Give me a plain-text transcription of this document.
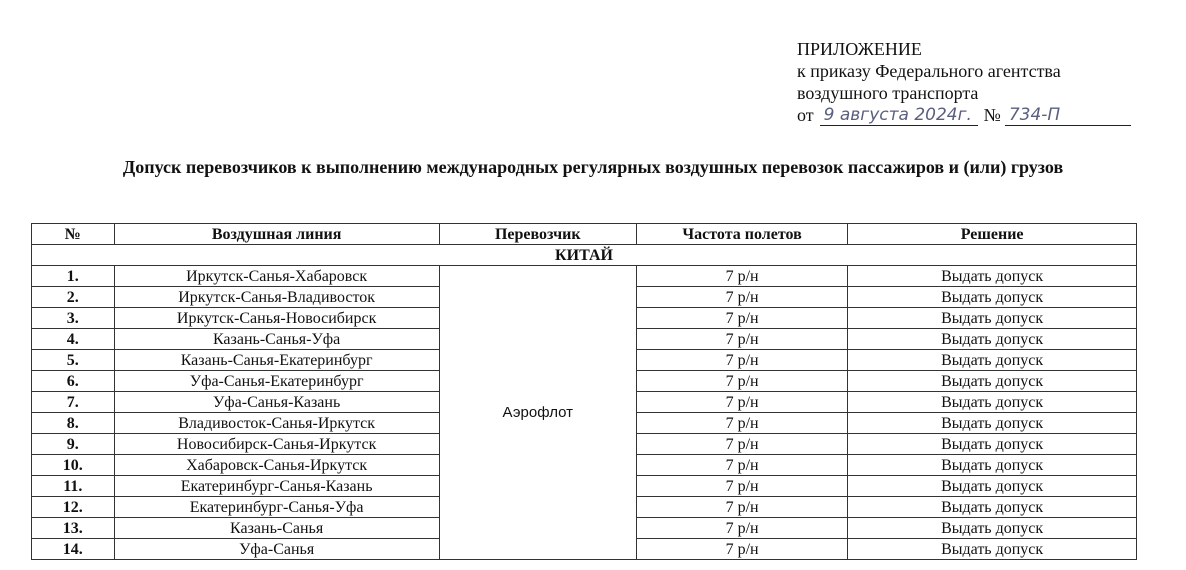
ПРИЛОЖЕНИЕ
к приказу Федерального агентства
воздушного транспорта
от 9 августа 2024г. № 734-П
Допуск перевозчиков к выполнению международных регулярных воздушных перевозок пассажиров и (или) грузов
№	Воздушная линия	Перевозчик	Частота полетов	Решение
КИТАЙ				
1.	Иркутск-Санья-Хабаровск	Аэрофлот	7 р/н	Выдать допуск
2.	Иркутск-Санья-Владивосток		7 р/н	Выдать допуск
3.	Иркутск-Санья-Новосибирск		7 р/н	Выдать допуск
4.	Казань-Санья-Уфа		7 р/н	Выдать допуск
5.	Казань-Санья-Екатеринбург		7 р/н	Выдать допуск
6.	Уфа-Санья-Екатеринбург		7 р/н	Выдать допуск
7.	Уфа-Санья-Казань		7 р/н	Выдать допуск
8.	Владивосток-Санья-Иркутск		7 р/н	Выдать допуск
9.	Новосибирск-Санья-Иркутск		7 р/н	Выдать допуск
10.	Хабаровск-Санья-Иркутск		7 р/н	Выдать допуск
11.	Екатеринбург-Санья-Казань		7 р/н	Выдать допуск
12.	Екатеринбург-Санья-Уфа		7 р/н	Выдать допуск
13.	Казань-Санья		7 р/н	Выдать допуск
14.	Уфа-Санья		7 р/н	Выдать допуск
